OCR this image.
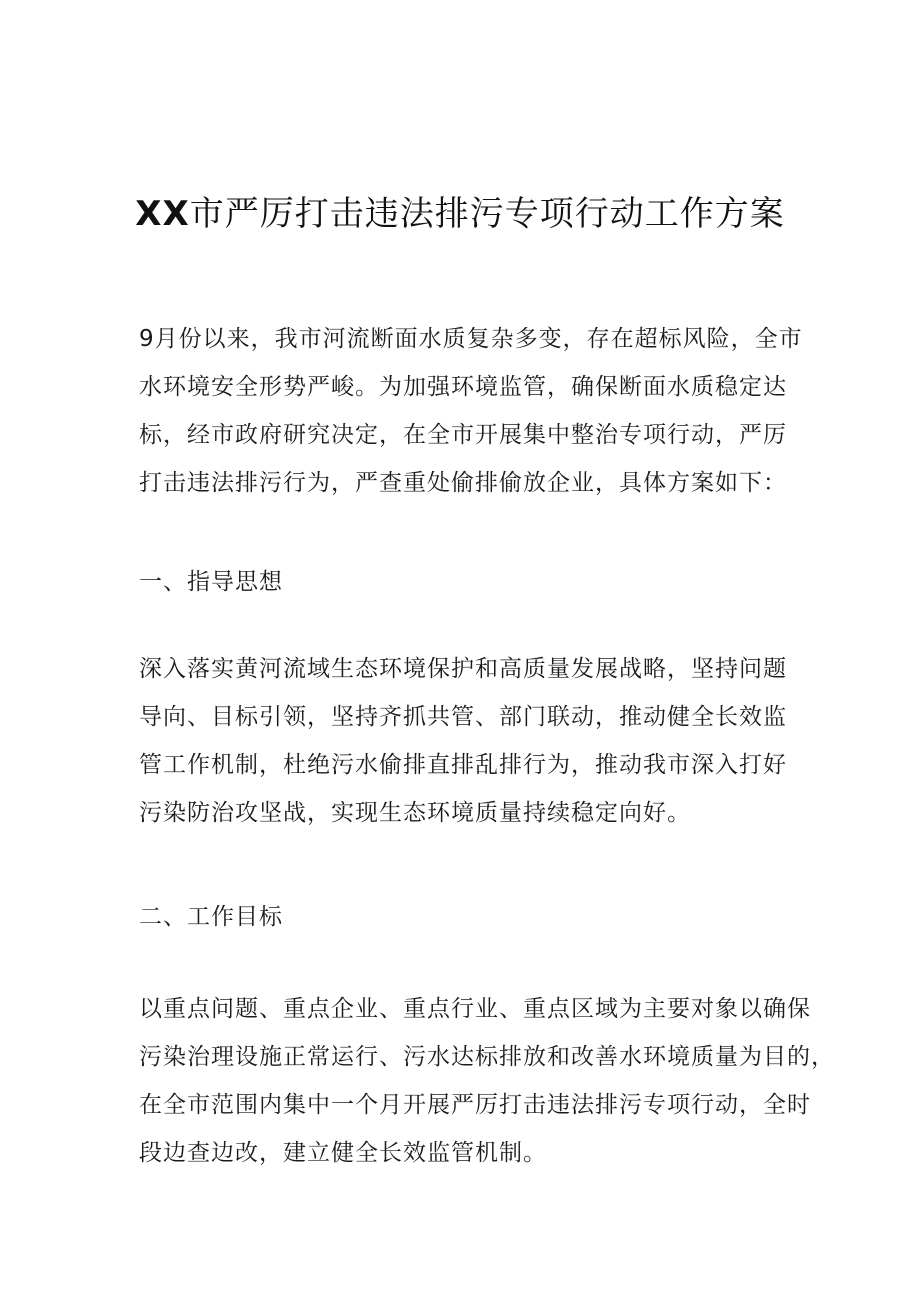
XX市严厉打击违法排污专项行动工作方案
9月份以来，我市河流断面水质复杂多变，存在超标风险，全市
水环境安全形势严峻。为加强环境监管，确保断面水质稳定达
标，经市政府研究决定，在全市开展集中整治专项行动，严厉
打击违法排污行为，严查重处偷排偷放企业，具体方案如下：
一、指导思想
深入落实黄河流域生态环境保护和高质量发展战略，坚持问题
导向、目标引领，坚持齐抓共管、部门联动，推动健全长效监
管工作机制，杜绝污水偷排直排乱排行为，推动我市深入打好
污染防治攻坚战，实现生态环境质量持续稳定向好。
二、工作目标
以重点问题、重点企业、重点行业、重点区域为主要对象以确保
污染治理设施正常运行、污水达标排放和改善水环境质量为目的，
在全市范围内集中一个月开展严厉打击违法排污专项行动，全时
段边查边改，建立健全长效监管机制。
